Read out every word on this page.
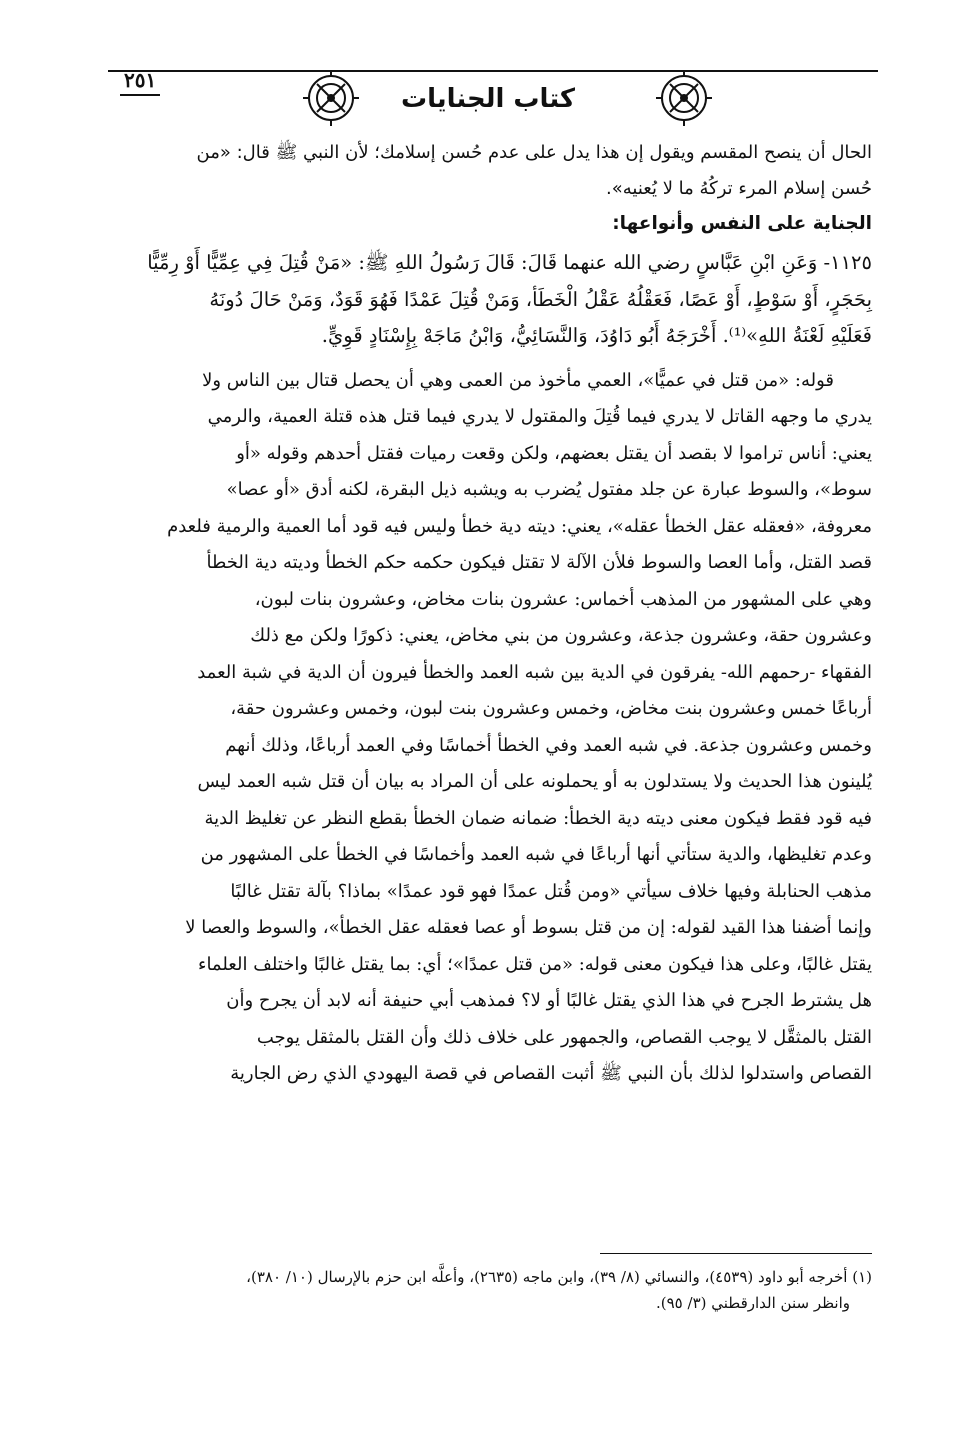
٢٥١
كتاب الجنايات

الحال أن ينصح المقسم ويقول إن هذا يدل على عدم حُسن إسلامك؛ لأن النبي ﷺ قال: «من

حُسن إسلام المرء تركُهُ ما لا يُعنيه».

الجناية على النفس وأنواعها:

١١٢٥- وَعَنِ ابْنِ عَبَّاسٍ رضي الله عنهما قَالَ: قَالَ رَسُولُ اللهِ ﷺ: «مَنْ قُتِلَ فِي عِمِّيًّا أَوْ رِمِّيًّا

بِحَجَرٍ، أَوْ سَوْطٍ، أَوْ عَصًا، فَعَقْلُهُ عَقْلُ الْخَطَأ، وَمَنْ قُتِلَ عَمْدًا فَهُوَ قَوَدٌ، وَمَنْ حَالَ دُونَهُ

فَعَلَيْهِ لَعْنَةُ اللهِ»⁽¹⁾. أَخْرَجَهُ أَبُو دَاوُدَ، وَالنَّسَائِيُّ، وَابْنُ مَاجَهْ بِإِسْنَادٍ قَوِيٍّ.

قوله: «من قتل في عميًّا»، العمي مأخوذ من العمى وهي أن يحصل قتال بين الناس ولا

يدري ما وجهه القاتل لا يدري فيما قُتِلَ والمقتول لا يدري فيما قتل هذه قتلة العمية، والرمي

يعني: أناس تراموا لا بقصد أن يقتل بعضهم، ولكن وقعت رميات فقتل أحدهم وقوله «أو

سوط»، والسوط عبارة عن جلد مفتول يُضرب به ويشبه ذيل البقرة، لكنه أدق «أو عصا»

معروفة، «فعقله عقل الخطأ عقله»، يعني: ديته دية خطأ وليس فيه قود أما العمية والرمية فلعدم

قصد القتل، وأما العصا والسوط فلأن الآلة لا تقتل فيكون حكمه حكم الخطأ وديته دية الخطأ

وهي على المشهور من المذهب أخماس: عشرون بنات مخاض، وعشرون بنات لبون،

وعشرون حقة، وعشرون جذعة، وعشرون من بني مخاض، يعني: ذكورًا ولكن مع ذلك

الفقهاء -رحمهم الله- يفرقون في الدية بين شبه العمد والخطأ فيرون أن الدية في شبة العمد

أرباعًا خمس وعشرون بنت مخاض، وخمس وعشرون بنت لبون، وخمس وعشرون حقة،

وخمس وعشرون جذعة. في شبه العمد وفي الخطأ أخماسًا وفي العمد أرباعًا، وذلك أنهم

يُلينون هذا الحديث ولا يستدلون به أو يحملونه على أن المراد به بيان أن قتل شبه العمد ليس

فيه قود فقط فيكون معنى ديته دية الخطأ: ضمانه ضمان الخطأ بقطع النظر عن تغليظ الدية

وعدم تغليظها، والدية ستأتي أنها أرباعًا في شبه العمد وأخماسًا في الخطأ على المشهور من

مذهب الحنابلة وفيها خلاف سيأتي «ومن قُتل عمدًا فهو قود عمدًا» بماذا؟ بآلة تقتل غالبًا

وإنما أضفنا هذا القيد لقوله: إن من قتل بسوط أو عصا فعقله عقل الخطأ»، والسوط والعصا لا

يقتل غالبًا، وعلى هذا فيكون معنى قوله: «من قتل عمدًا»؛ أي: بما يقتل غالبًا واختلف العلماء

هل يشترط الجرح في هذا الذي يقتل غالبًا أو لا؟ فمذهب أبي حنيفة أنه لابد أن يجرح وأن

القتل بالمثقَّل لا يوجب القصاص، والجمهور على خلاف ذلك وأن القتل بالمثقل يوجب

القصاص واستدلوا لذلك بأن النبي ﷺ أثبت القصاص في قصة اليهودي الذي رض الجارية

(١) أخرجه أبو داود (٤٥٣٩)، والنسائي (٨/ ٣٩)، وابن ماجه (٢٦٣٥)، وأعلَّه ابن حزم بالإرسال (١٠/ ٣٨٠)،

وانظر سنن الدارقطني (٣/ ٩٥).
